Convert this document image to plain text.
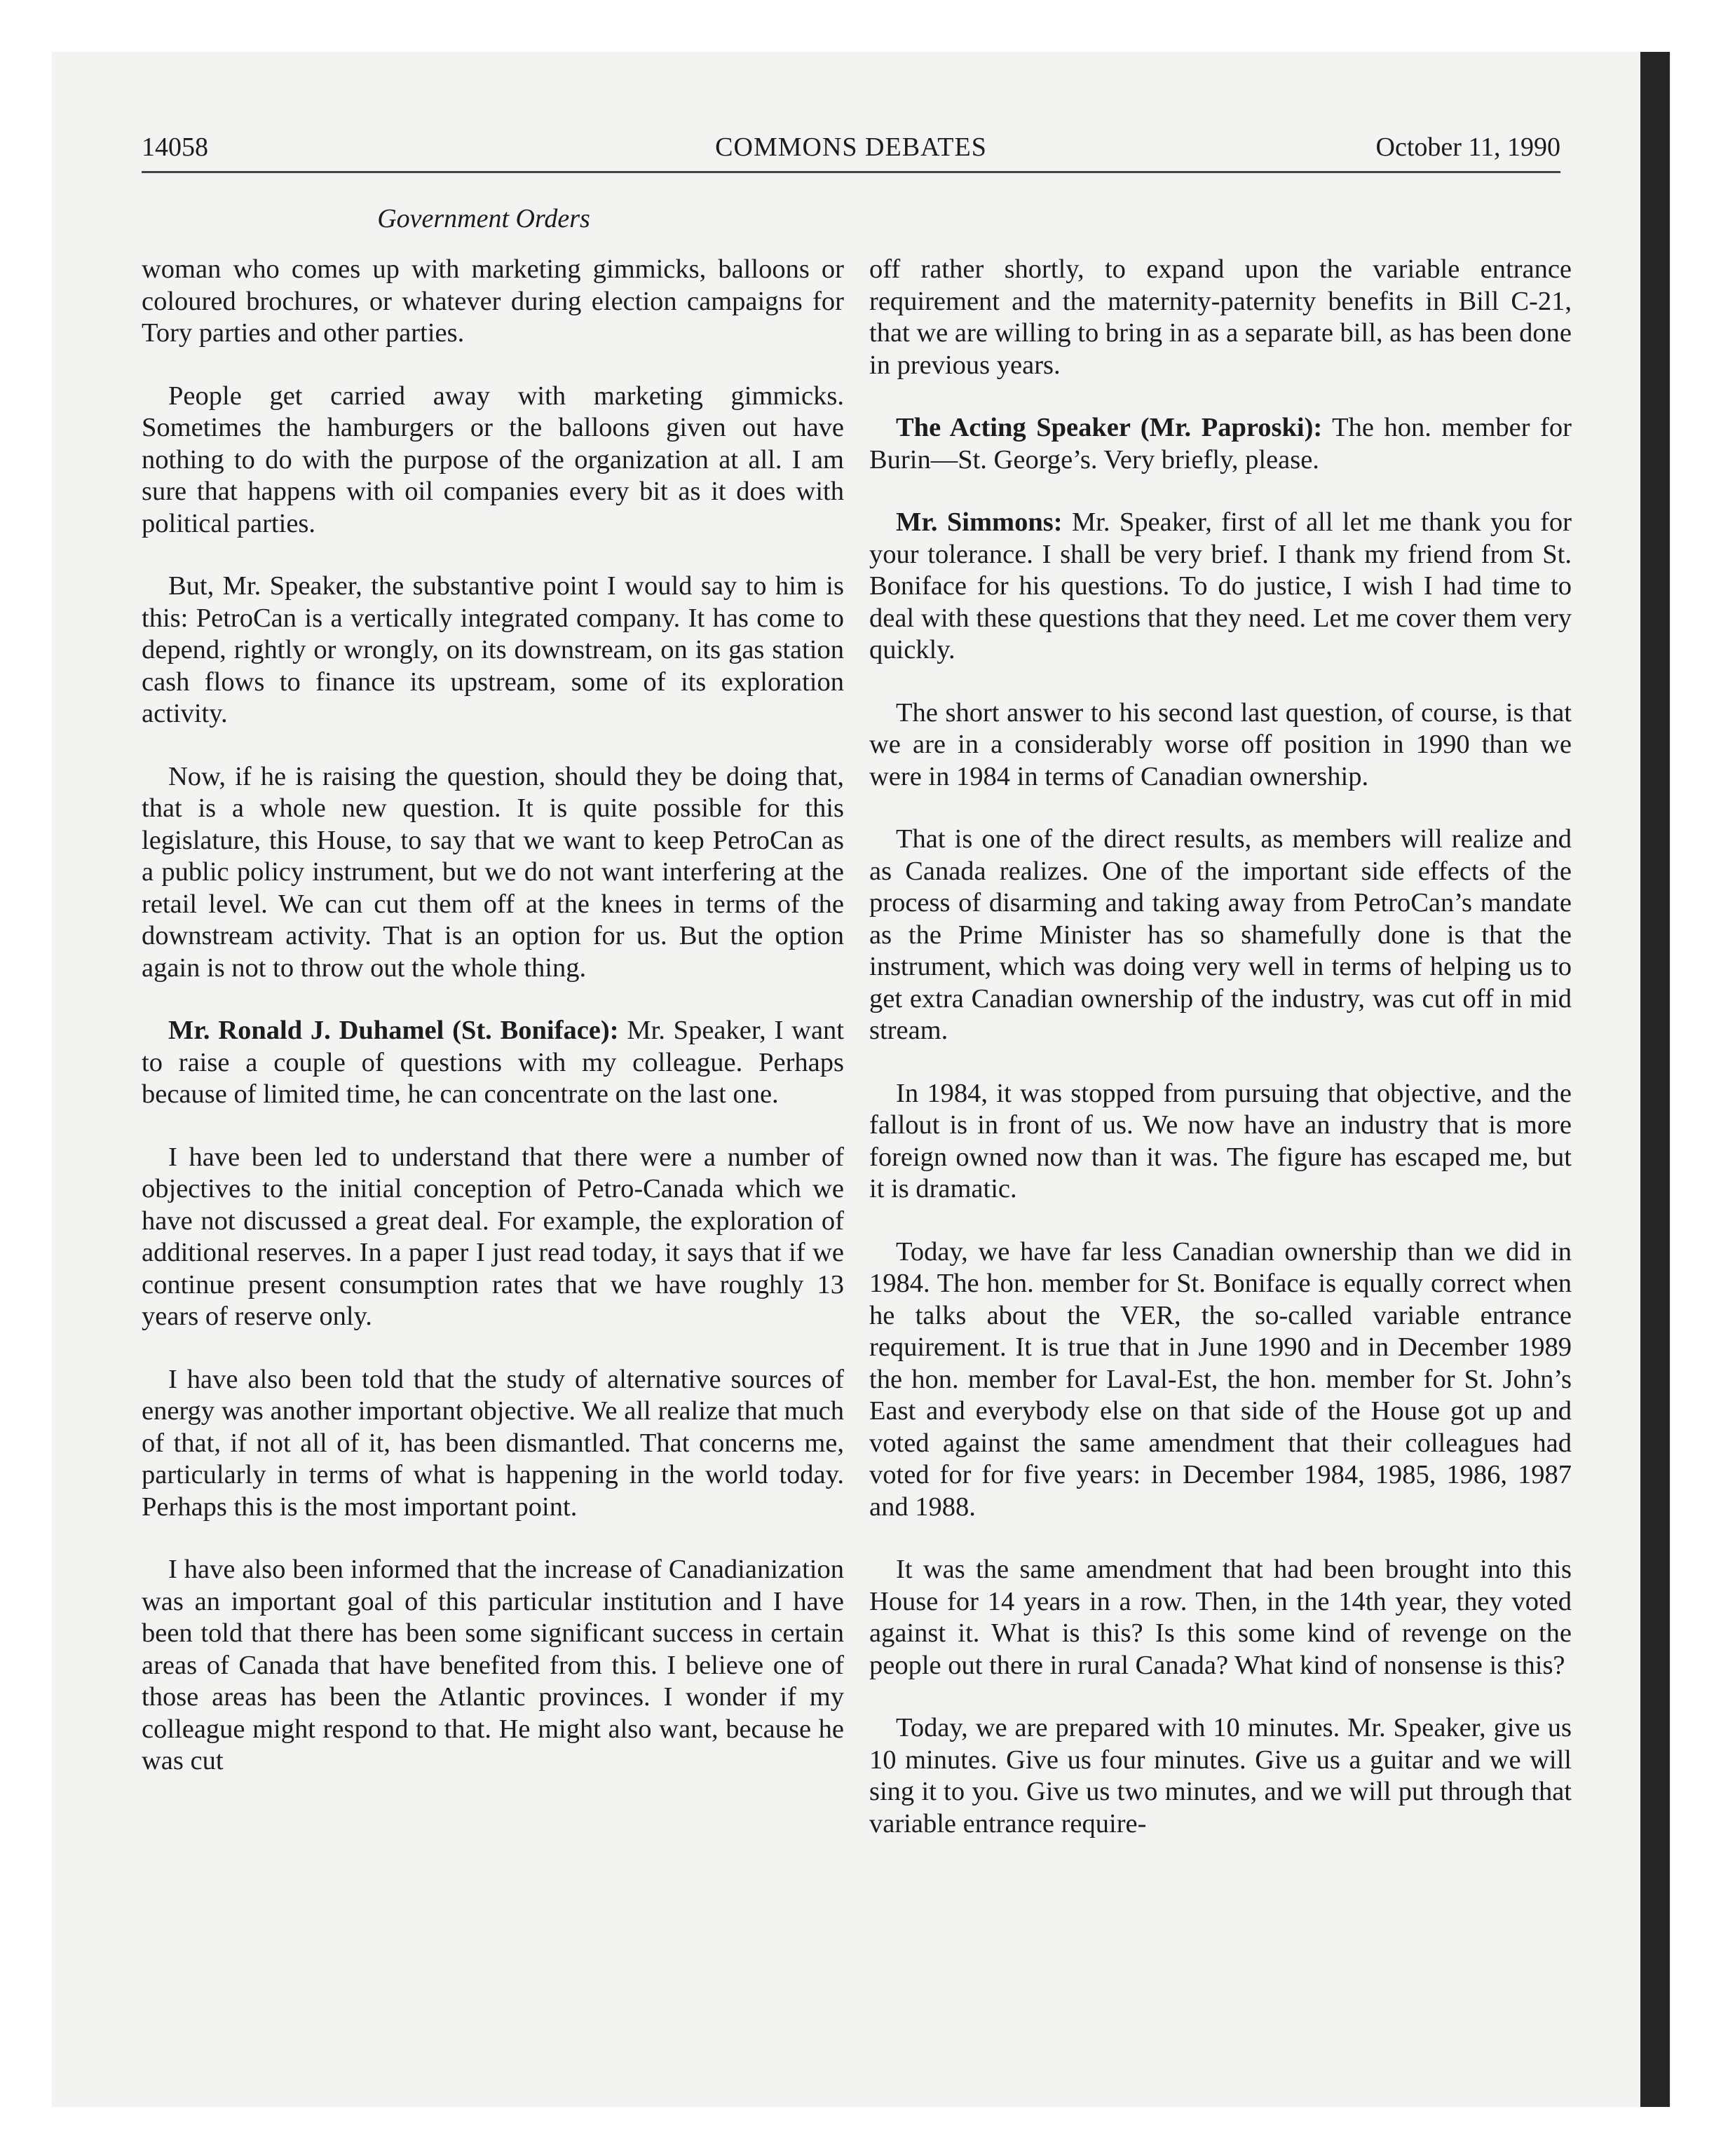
14058	COMMONS DEBATES	October 11, 1990
Government Orders

woman who comes up with marketing gimmicks, balloons or coloured brochures, or whatever during election campaigns for Tory parties and other parties.

People get carried away with marketing gimmicks. Sometimes the hamburgers or the balloons given out have nothing to do with the purpose of the organization at all. I am sure that happens with oil companies every bit as it does with political parties.

But, Mr. Speaker, the substantive point I would say to him is this: PetroCan is a vertically integrated company. It has come to depend, rightly or wrongly, on its downstream, on its gas station cash flows to finance its upstream, some of its exploration activity.

Now, if he is raising the question, should they be doing that, that is a whole new question. It is quite possible for this legislature, this House, to say that we want to keep PetroCan as a public policy instrument, but we do not want interfering at the retail level. We can cut them off at the knees in terms of the downstream activity. That is an option for us. But the option again is not to throw out the whole thing.

Mr. Ronald J. Duhamel (St. Boniface): Mr. Speaker, I want to raise a couple of questions with my colleague. Perhaps because of limited time, he can concentrate on the last one.

I have been led to understand that there were a number of objectives to the initial conception of Petro-Canada which we have not discussed a great deal. For example, the exploration of additional reserves. In a paper I just read today, it says that if we continue present consumption rates that we have roughly 13 years of reserve only.

I have also been told that the study of alternative sources of energy was another important objective. We all realize that much of that, if not all of it, has been dismantled. That concerns me, particularly in terms of what is happening in the world today. Perhaps this is the most important point.

I have also been informed that the increase of Canadianization was an important goal of this particular institution and I have been told that there has been some significant success in certain areas of Canada that have benefited from this. I believe one of those areas has been the Atlantic provinces. I wonder if my colleague might respond to that. He might also want, because he was cut

off rather shortly, to expand upon the variable entrance requirement and the maternity-paternity benefits in Bill C-21, that we are willing to bring in as a separate bill, as has been done in previous years.

The Acting Speaker (Mr. Paproski): The hon. member for Burin—St. George’s. Very briefly, please.

Mr. Simmons: Mr. Speaker, first of all let me thank you for your tolerance. I shall be very brief. I thank my friend from St. Boniface for his questions. To do justice, I wish I had time to deal with these questions that they need. Let me cover them very quickly.

The short answer to his second last question, of course, is that we are in a considerably worse off position in 1990 than we were in 1984 in terms of Canadian ownership.

That is one of the direct results, as members will realize and as Canada realizes. One of the important side effects of the process of disarming and taking away from PetroCan’s mandate as the Prime Minister has so shamefully done is that the instrument, which was doing very well in terms of helping us to get extra Canadian ownership of the industry, was cut off in mid stream.

In 1984, it was stopped from pursuing that objective, and the fallout is in front of us. We now have an industry that is more foreign owned now than it was. The figure has escaped me, but it is dramatic.

Today, we have far less Canadian ownership than we did in 1984. The hon. member for St. Boniface is equally correct when he talks about the VER, the so-called variable entrance requirement. It is true that in June 1990 and in December 1989 the hon. member for Laval-Est, the hon. member for St. John’s East and everybody else on that side of the House got up and voted against the same amendment that their colleagues had voted for for five years: in December 1984, 1985, 1986, 1987 and 1988.

It was the same amendment that had been brought into this House for 14 years in a row. Then, in the 14th year, they voted against it. What is this? Is this some kind of revenge on the people out there in rural Canada? What kind of nonsense is this?

Today, we are prepared with 10 minutes. Mr. Speaker, give us 10 minutes. Give us four minutes. Give us a guitar and we will sing it to you. Give us two minutes, and we will put through that variable entrance require-
